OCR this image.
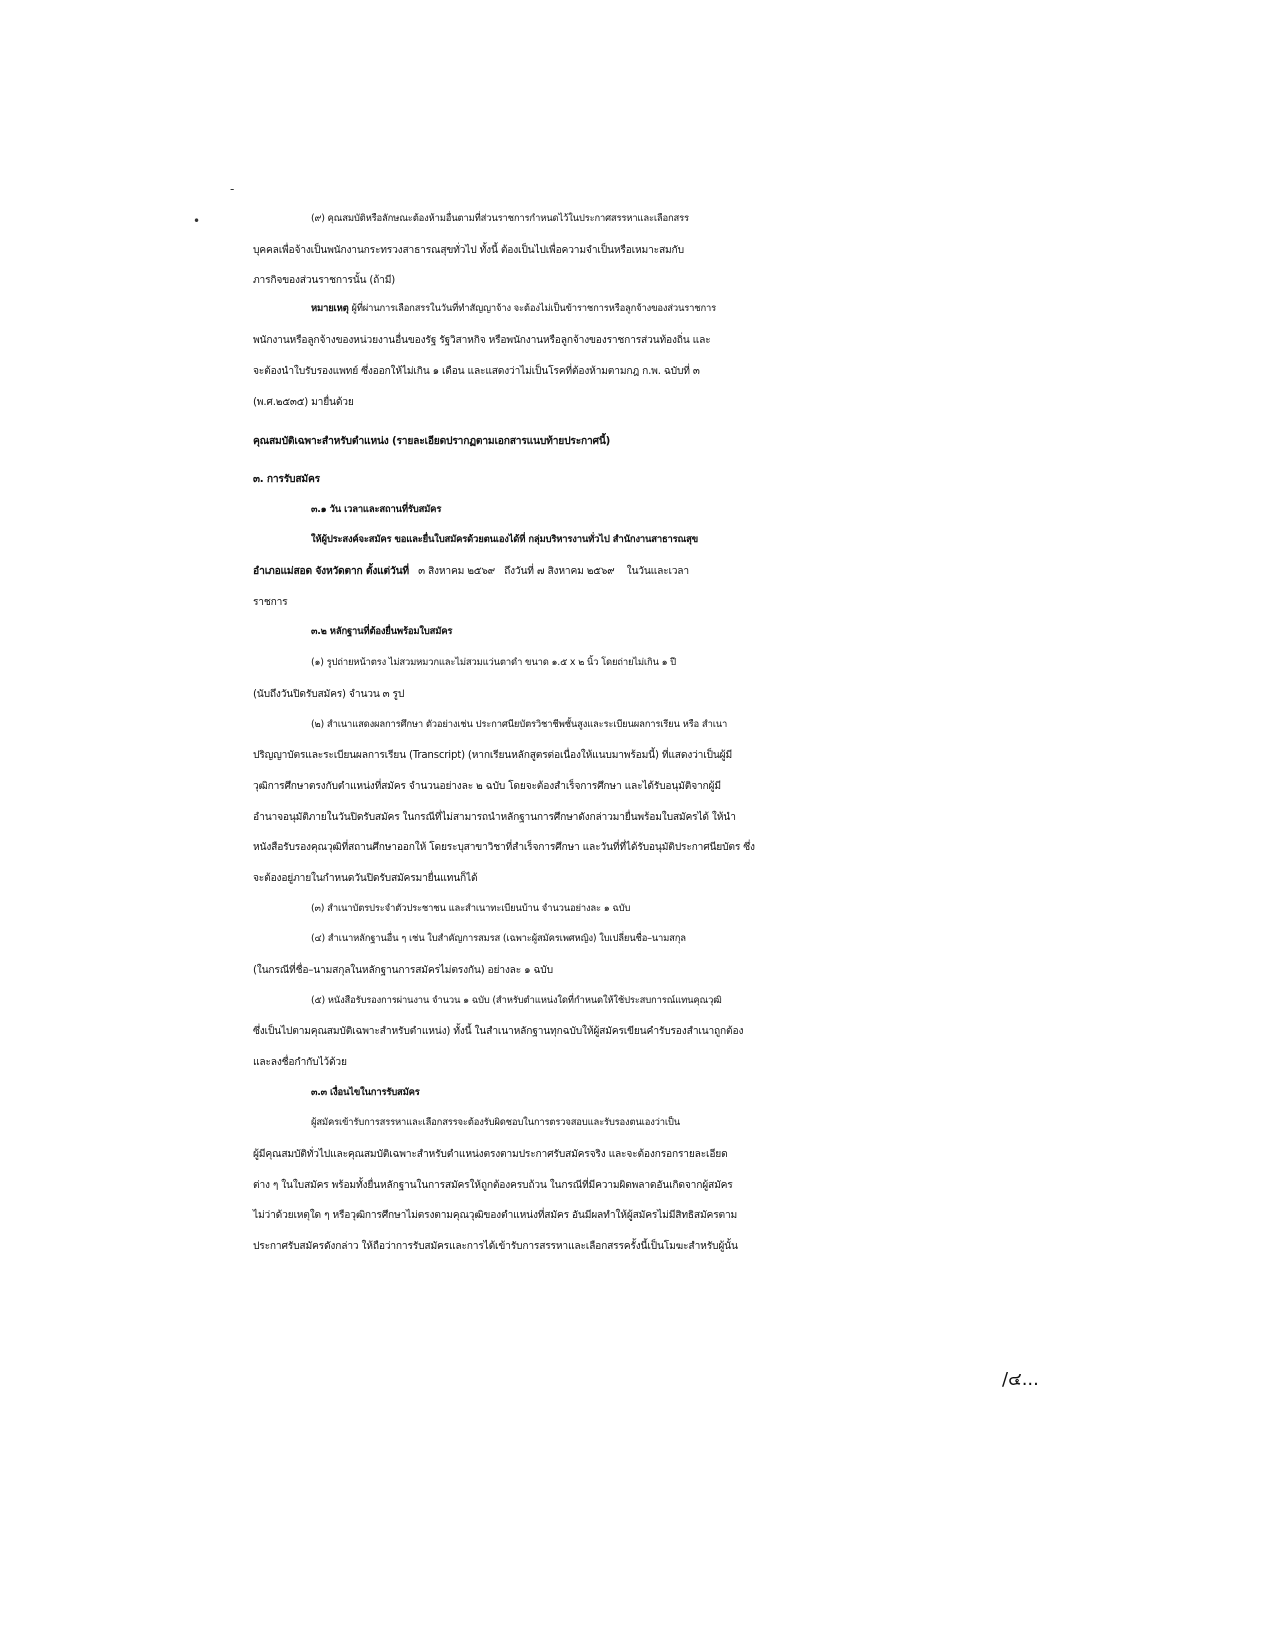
-
•	(๙) คุณสมบัติหรือลักษณะต้องห้ามอื่นตามที่ส่วนราชการกำหนดไว้ในประกาศสรรหาและเลือกสรร
บุคคลเพื่อจ้างเป็นพนักงานกระทรวงสาธารณสุขทั่วไป ทั้งนี้ ต้องเป็นไปเพื่อความจำเป็นหรือเหมาะสมกับ
ภารกิจของส่วนราชการนั้น (ถ้ามี)
หมายเหตุ ผู้ที่ผ่านการเลือกสรรในวันที่ทำสัญญาจ้าง จะต้องไม่เป็นข้าราชการหรือลูกจ้างของส่วนราชการ
พนักงานหรือลูกจ้างของหน่วยงานอื่นของรัฐ รัฐวิสาหกิจ หรือพนักงานหรือลูกจ้างของราชการส่วนท้องถิ่น และ
จะต้องนำใบรับรองแพทย์ ซึ่งออกให้ไม่เกิน ๑ เดือน และแสดงว่าไม่เป็นโรคที่ต้องห้ามตามกฎ ก.พ. ฉบับที่ ๓
(พ.ศ.๒๕๓๕) มายื่นด้วย
คุณสมบัติเฉพาะสำหรับตำแหน่ง (รายละเอียดปรากฏตามเอกสารแนบท้ายประกาศนี้)
๓. การรับสมัคร
๓.๑ วัน เวลาและสถานที่รับสมัคร
ให้ผู้ประสงค์จะสมัคร ขอและยื่นใบสมัครด้วยตนเองได้ที่ กลุ่มบริหารงานทั่วไป สำนักงานสาธารณสุข
อำเภอแม่สอด จังหวัดตาก ตั้งแต่วันที่   ๓ สิงหาคม ๒๕๖๙   ถึงวันที่ ๗ สิงหาคม ๒๕๖๙    ในวันและเวลา
ราชการ
๓.๒ หลักฐานที่ต้องยื่นพร้อมใบสมัคร
(๑) รูปถ่ายหน้าตรง ไม่สวมหมวกและไม่สวมแว่นตาดำ ขนาด ๑.๕ x ๒ นิ้ว โดยถ่ายไม่เกิน ๑ ปี
(นับถึงวันปิดรับสมัคร) จำนวน ๓ รูป
(๒) สำเนาแสดงผลการศึกษา ตัวอย่างเช่น ประกาศนียบัตรวิชาชีพชั้นสูงและระเบียนผลการเรียน หรือ สำเนา
ปริญญาบัตรและระเบียนผลการเรียน (Transcript) (หากเรียนหลักสูตรต่อเนื่องให้แนบมาพร้อมนี้) ที่แสดงว่าเป็นผู้มี
วุฒิการศึกษาตรงกับตำแหน่งที่สมัคร จำนวนอย่างละ ๒ ฉบับ โดยจะต้องสำเร็จการศึกษา และได้รับอนุมัติจากผู้มี
อำนาจอนุมัติภายในวันปิดรับสมัคร ในกรณีที่ไม่สามารถนำหลักฐานการศึกษาดังกล่าวมายื่นพร้อมใบสมัครได้ ให้นำ
หนังสือรับรองคุณวุฒิที่สถานศึกษาออกให้ โดยระบุสาขาวิชาที่สำเร็จการศึกษา และวันที่ที่ได้รับอนุมัติประกาศนียบัตร ซึ่ง
จะต้องอยู่ภายในกำหนดวันปิดรับสมัครมายื่นแทนก็ได้
(๓) สำเนาบัตรประจำตัวประชาชน และสำเนาทะเบียนบ้าน จำนวนอย่างละ ๑ ฉบับ
(๔) สำเนาหลักฐานอื่น ๆ เช่น ใบสำคัญการสมรส (เฉพาะผู้สมัครเพศหญิง) ใบเปลี่ยนชื่อ–นามสกุล
(ในกรณีที่ชื่อ–นามสกุลในหลักฐานการสมัครไม่ตรงกัน) อย่างละ ๑ ฉบับ
(๕) หนังสือรับรองการผ่านงาน จำนวน ๑ ฉบับ (สำหรับตำแหน่งใดที่กำหนดให้ใช้ประสบการณ์แทนคุณวุฒิ
ซึ่งเป็นไปตามคุณสมบัติเฉพาะสำหรับตำแหน่ง) ทั้งนี้ ในสำเนาหลักฐานทุกฉบับให้ผู้สมัครเขียนคำรับรองสำเนาถูกต้อง
และลงชื่อกำกับไว้ด้วย
๓.๓ เงื่อนไขในการรับสมัคร
ผู้สมัครเข้ารับการสรรหาและเลือกสรรจะต้องรับผิดชอบในการตรวจสอบและรับรองตนเองว่าเป็น
ผู้มีคุณสมบัติทั่วไปและคุณสมบัติเฉพาะสำหรับตำแหน่งตรงตามประกาศรับสมัครจริง และจะต้องกรอกรายละเอียด
ต่าง ๆ ในใบสมัคร พร้อมทั้งยื่นหลักฐานในการสมัครให้ถูกต้องครบถ้วน ในกรณีที่มีความผิดพลาดอันเกิดจากผู้สมัคร
ไม่ว่าด้วยเหตุใด ๆ หรือวุฒิการศึกษาไม่ตรงตามคุณวุฒิของตำแหน่งที่สมัคร อันมีผลทำให้ผู้สมัครไม่มีสิทธิสมัครตาม
ประกาศรับสมัครดังกล่าว ให้ถือว่าการรับสมัครและการได้เข้ารับการสรรหาและเลือกสรรครั้งนี้เป็นโมฆะสำหรับผู้นั้น
/๔...
